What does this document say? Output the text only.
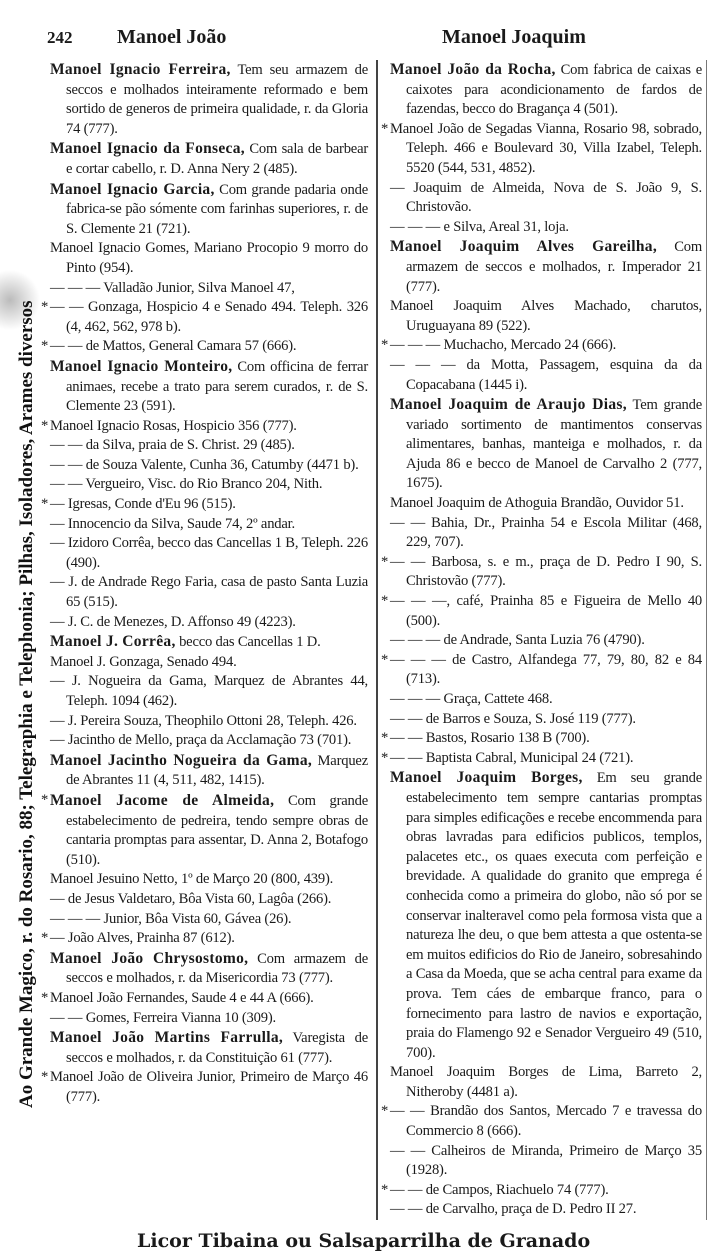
Ao Grande Magico, r. do Rosario, 88; Telegraphia e Telephonia; Pilhas, Isoladores, Arames diversos
242	Manoel João	Manoel Joaquim

Manoel Ignacio Ferreira, Tem seu armazem de seccos e molhados inteiramente reformado e bem sortido de generos de primeira qualidade, r. da Gloria 74 (777).

Manoel Ignacio da Fonseca, Com sala de barbear e cortar cabello, r. D. Anna Nery 2 (485).

Manoel Ignacio Garcia, Com grande padaria onde fabrica-se pão sómente com farinhas superiores, r. de S. Clemente 21 (721).

Manoel Ignacio Gomes, Mariano Procopio 9 morro do Pinto (954).

— — — Valladão Junior, Silva Manoel 47,

* — — Gonzaga, Hospicio 4 e Senado 494. Teleph. 326 (4, 462, 562, 978 b).

* — — de Mattos, General Camara 57 (666).

Manoel Ignacio Monteiro, Com officina de ferrar animaes, recebe a trato para serem curados, r. de S. Clemente 23 (591).

* Manoel Ignacio Rosas, Hospicio 356 (777).

— — da Silva, praia de S. Christ. 29 (485).

— — de Souza Valente, Cunha 36, Catumby (4471 b).

— — Vergueiro, Visc. do Rio Branco 204, Nith.

* — Igresas, Conde d'Eu 96 (515).

— Innocencio da Silva, Saude 74, 2º andar.

— Izidoro Corrêa, becco das Cancellas 1 B, Teleph. 226 (490).

— J. de Andrade Rego Faria, casa de pasto Santa Luzia 65 (515).

— J. C. de Menezes, D. Affonso 49 (4223).

Manoel J. Corrêa, becco das Cancellas 1 D.

Manoel J. Gonzaga, Senado 494.

— J. Nogueira da Gama, Marquez de Abrantes 44, Teleph. 1094 (462).

— J. Pereira Souza, Theophilo Ottoni 28, Teleph. 426.

— Jacintho de Mello, praça da Acclamação 73 (701).

Manoel Jacintho Nogueira da Gama, Marquez de Abrantes 11 (4, 511, 482, 1415).

* Manoel Jacome de Almeida, Com grande estabelecimento de pedreira, tendo sempre obras de cantaria promptas para assentar, D. Anna 2, Botafogo (510).

Manoel Jesuino Netto, 1º de Março 20 (800, 439).

— de Jesus Valdetaro, Bôa Vista 60, Lagôa (266).

— — — Junior, Bôa Vista 60, Gávea (26).

* — João Alves, Prainha 87 (612).

Manoel João Chrysostomo, Com armazem de seccos e molhados, r. da Misericordia 73 (777).

* Manoel João Fernandes, Saude 4 e 44 A (666).

— — Gomes, Ferreira Vianna 10 (309).

Manoel João Martins Farrulla, Varegista de seccos e molhados, r. da Constituição 61 (777).

* Manoel João de Oliveira Junior, Primeiro de Março 46 (777).

Manoel João da Rocha, Com fabrica de caixas e caixotes para acondicionamento de fardos de fazendas, becco do Bragança 4 (501).

* Manoel João de Segadas Vianna, Rosario 98, sobrado, Teleph. 466 e Boulevard 30, Villa Izabel, Teleph. 5520 (544, 531, 4852).

— Joaquim de Almeida, Nova de S. João 9, S. Christovão.

— — — e Silva, Areal 31, loja.

Manoel Joaquim Alves Gareilha, Com armazem de seccos e molhados, r. Imperador 21 (777).

Manoel Joaquim Alves Machado, charutos, Uruguayana 89 (522).

* — — — Muchacho, Mercado 24 (666).

— — — da Motta, Passagem, esquina da da Copacabana (1445 i).

Manoel Joaquim de Araujo Dias, Tem grande variado sortimento de mantimentos conservas alimentares, banhas, manteiga e molhados, r. da Ajuda 86 e becco de Manoel de Carvalho 2 (777, 1675).

Manoel Joaquim de Athoguia Brandão, Ouvidor 51.

— — Bahia, Dr., Prainha 54 e Escola Militar (468, 229, 707).

* — — Barbosa, s. e m., praça de D. Pedro I 90, S. Christovão (777).

* — — —, café, Prainha 85 e Figueira de Mello 40 (500).

— — — de Andrade, Santa Luzia 76 (4790).

* — — — de Castro, Alfandega 77, 79, 80, 82 e 84 (713).

— — — Graça, Cattete 468.

— — de Barros e Souza, S. José 119 (777).

* — — Bastos, Rosario 138 B (700).

* — — Baptista Cabral, Municipal 24 (721).

Manoel Joaquim Borges, Em seu grande estabelecimento tem sempre cantarias promptas para simples edificações e recebe encommenda para obras lavradas para edificios publicos, templos, palacetes etc., os quaes executa com perfeição e brevidade. A qualidade do granito que emprega é conhecida como a primeira do globo, não só por se conservar inalteravel como pela formosa vista que a natureza lhe deu, o que bem attesta a que ostenta-se em muitos edificios do Rio de Janeiro, sobresahindo a Casa da Moeda, que se acha central para exame da prova. Tem cáes de embarque franco, para o fornecimento para lastro de navios e exportação, praia do Flamengo 92 e Senador Vergueiro 49 (510, 700).

Manoel Joaquim Borges de Lima, Barreto 2, Nitheroby (4481 a).

* — — Brandão dos Santos, Mercado 7 e travessa do Commercio 8 (666).

— — Calheiros de Miranda, Primeiro de Março 35 (1928).

* — — de Campos, Riachuelo 74 (777).

— — de Carvalho, praça de D. Pedro II 27.

Licor Tibaina ou Salsaparrilha de Granado
